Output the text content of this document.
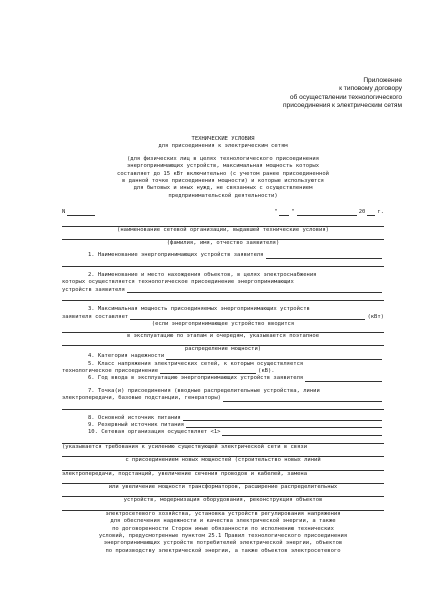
Приложение
к типовому договору
об осуществлении технологического
присоединения к электрическим сетям
ТЕХНИЧЕСКИЕ УСЛОВИЯ
для присоединения к электрическим сетям
(для физических лиц в целях технологического присоединения
энергопринимающих устройств, максимальная мощность которых
составляет до 15 кВт включительно (с учетом ранее присоединенной
в данной точке присоединения мощности) и которые используются
для бытовых и иных нужд, не связанных с осуществлением
предпринимательской деятельности)
N	"	"	20 г.
(наименование сетевой организации, выдавшей технические условия)
(фамилия, имя, отчество заявителя)
1. Наименование энергопринимающих устройств заявителя
2. Наименование и место нахождения объектов, в целях электроснабжения
которых осуществляется технологическое присоединение энергопринимающих
устройств заявителя
3. Максимальная мощность присоединяемых энергопринимающих устройств
заявителя составляет	(кВт)
(если энергопринимающее устройство вводится
в эксплуатацию по этапам и очередям, указывается поэтапное
распределение мощности)
4. Категория надежности
5. Класс напряжения электрических сетей, к которым осуществляется
технологическое присоединение	(кВ).
6. Год ввода в эксплуатацию энергопринимающих устройств заявителя
7. Точка(и) присоединения (вводные распределительные устройства, линии
электропередачи, базовые подстанции, генераторы)
8. Основной источник питания
9. Резервный источник питания
10. Сетевая организация осуществляет <1>
(указывается требования к усилению существующей электрической сети в связи
с присоединением новых мощностей (строительство новых линий
электропередачи, подстанций, увеличение сечения проводов и кабелей, замена
или увеличение мощности трансформаторов, расширение распределительных
устройств, модернизация оборудования, реконструкция объектов
электросетевого хозяйства, установка устройств регулирования напряжения
для обеспечения надежности и качества электрической энергии, а также
по договоренности Сторон иные обязанности по исполнению технических
условий, предусмотренные пунктом 25.1 Правил технологического присоединения
энергопринимающих устройств потребителей электрической энергии, объектов
по производству электрической энергии, а также объектов электросетевого
